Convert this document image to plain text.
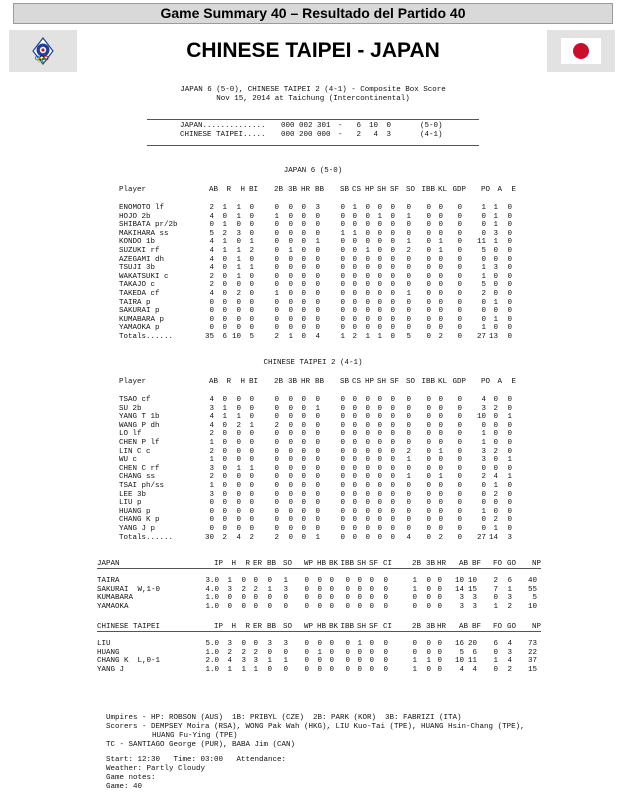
Game Summary 40 – Resultado del Partido 40
CHINESE TAIPEI - JAPAN
JAPAN 6 (5-0), CHINESE TAIPEI 2 (4-1) - Composite Box Score
Nov 15, 2014 at Taichung (Intercontinental)
JAPAN.............. 000 002 301 -	6	10	0	(5-0)
CHINESE TAIPEI..... 000 200 000 -	2	4	3	(4-1)
JAPAN 6 (5-0)
Player	AB	R	H BI	2B 3B HR BB	SB CS HP SH SF SO IBB KL GDP	PO A	E
ENOMOTO lf	2	1	1	0	0	0	0	3	0 1	0 0	0	0	0 0	0	1 1	0
HOJO 2b	4	0	1	0	1	0	0	0	0 0	0 1	0	1	0 0	0	0 1	0
SHIBATA pr/2b	0	1	0	0	0	0	0	0	0 0	0 0	0	0	0 0	0	0 1	0
MAKIHARA ss	5	2	3	0	0	0	0	0	1 1	0 0	0	0	0 0	0	0 3	0
KONDO 1b	4	1	0	1	0	0	0	1	0 0	0 0	0	1	0 1	0	11 1	0
SUZUKI rf	4	1	1	2	0	1	0	0	0 0	1 0	0	2	0 1	0	5 0	0
AZEGAMI dh	4	0	1	0	0	0	0	0	0 0	0 0	0	0	0 0	0	0 0	0
TSUJI 3b	4	0	1	1	0	0	0	0	0 0	0 0	0	0	0 0	0	1 3	0
WAKATSUKI c	2	0	1	0	0	0	0	0	0 0	0 0	0	0	0 0	0	1 0	0
TAKAJO c	2	0	0	0	0	0	0	0	0 0	0 0	0	0	0 0	0	5 0	0
TAKEDA cf	4	0	2	0	1	0	0	0	0 0	0 0	0	1	0 0	0	2 0	0
TAIRA p	0	0	0	0	0	0	0	0	0 0	0 0	0	0	0 0	0	0 1	0
SAKURAI p	0	0	0	0	0	0	0	0	0 0	0 0	0	0	0 0	0	0 0	0
KUMABARA p	0	0	0	0	0	0	0	0	0 0	0 0	0	0	0 0	0	0 1	0
YAMAOKA p	0	0	0	0	0	0	0	0	0 0	0 0	0	0	0 0	0	1 0	0
Totals......	35	6 10	5	2	1	0	4	1 2	1 1	0	5	0 2	0	27 13	0
CHINESE TAIPEI 2 (4-1)
Player	AB	R	H BI	2B 3B HR BB	SB CS HP SH SF SO IBB KL GDP	PO A	E
TSAO cf	4	0	0	0	0	0	0	0	0 0	0 0	0	0	0 0	0	4 0	0
SU 2b	3	1	0	0	0	0	0	1	0 0	0 0	0	0	0 0	0	3 2	0
YANG T 1b	4	1	1	0	0	0	0	0	0 0	0 0	0	0	0 0	0	10 0	1
WANG P dh	4	0	2	1	2	0	0	0	0 0	0 0	0	0	0 0	0	0 0	0
LO lf	2	0	0	0	0	0	0	0	0 0	0 0	0	0	0 0	0	1 0	0
CHEN P lf	1	0	0	0	0	0	0	0	0 0	0 0	0	0	0 0	0	1 0	0
LIN C c	2	0	0	0	0	0	0	0	0 0	0 0	0	2	0 1	0	3 2	0
WU c	1	0	0	0	0	0	0	0	0 0	0 0	0	1	0 0	0	3 0	1
CHEN C rf	3	0	1	1	0	0	0	0	0 0	0 0	0	0	0 0	0	0 0	0
CHANG ss	2	0	0	0	0	0	0	0	0 0	0 0	0	1	0 1	0	2 4	1
TSAI ph/ss	1	0	0	0	0	0	0	0	0 0	0 0	0	0	0 0	0	0 1	0
LEE 3b	3	0	0	0	0	0	0	0	0 0	0 0	0	0	0 0	0	0 2	0
LIU p	0	0	0	0	0	0	0	0	0 0	0 0	0	0	0 0	0	0 0	0
HUANG p	0	0	0	0	0	0	0	0	0 0	0 0	0	0	0 0	0	1 0	0
CHANG K p	0	0	0	0	0	0	0	0	0 0	0 0	0	0	0 0	0	0 2	0
YANG J p	0	0	0	0	0	0	0	0	0 0	0 0	0	0	0 0	0	0 1	0
Totals......	30	2	4	2	2	0	0	1	0 0	0 0	0	4	0 2	0	27 14	3
JAPAN	IP	H	R ER BB SO	WP HB BK IBB SH SF CI	2B 3B HR	AB BF	FO GO	NP
TAIRA	3.0	1	0 0	0	1	0	0 0	0 0 0	0	1	0 0	10 10	2	6	40
SAKURAI  W,1-0	4.0	3	2 2	1	3	0	0 0	0 0 0	0	1	0 0	14 15	7	1	55
KUMABARA	1.0	0	0 0	0	0	0	0 0	0 0 0	0	0	0 0	3	3	0	3	5
YAMAOKA	1.0	0	0 0	0	0	0	0 0	0 0 0	0	0	0 0	3	3	1	2	10
CHINESE TAIPEI	IP	H	R ER BB SO	WP HB BK IBB SH SF CI	2B 3B HR	AB BF	FO GO	NP
LIU	5.0	3	0 0	3	3	0	0 0	0 1 0	0	0	0 0	16 20	6	4	73
HUANG	1.0	2	2 2	0	0	0	1 0	0 0 0	0	0	0 0	5	6	0	3	22
CHANG K  L,0-1	2.0	4	3 3	1	1	0	0 0	0 0 0	0	1	1 0	10 11	1	4	37
YANG J	1.0	1	1 1	0	0	0	0 0	0 0 0	0	1	0 0	4	4	0	2	15
Umpires - HP: ROBSON (AUS)  1B: PRIBYL (CZE)  2B: PARK (KOR)  3B: FABRIZI (ITA)
Scorers - DEMPSEY Moira (RSA), WONG Pak Wah (HKG), LIU Kuo-Tai (TPE), HUANG Hsin-Chang (TPE),
HUANG Fu-Ying (TPE)
TC - SANTIAGO George (PUR), BABA Jim (CAN)
Start: 12:30   Time: 03:00   Attendance:
Weather: Partly Cloudy
Game notes:
Game: 40
